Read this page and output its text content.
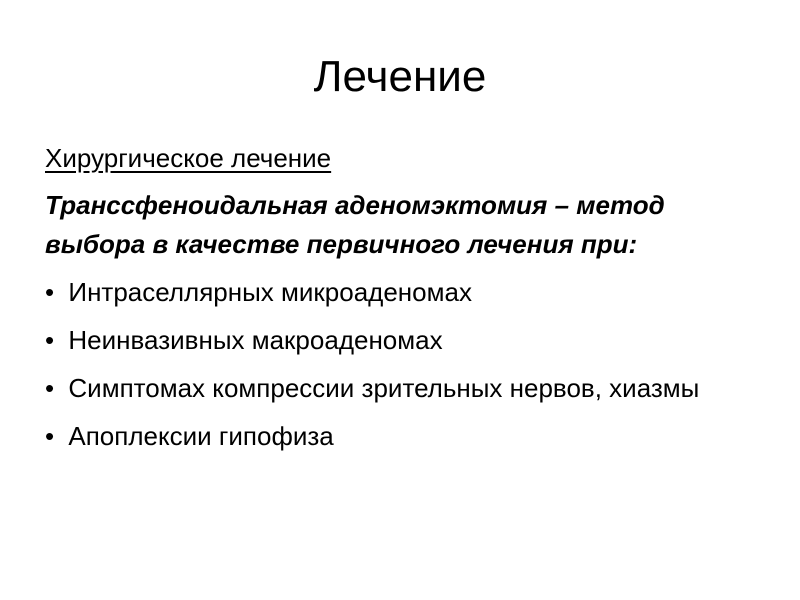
Лечение

Хирургическое лечение

Транссфеноидальная аденомэктомия – метод выбора в качестве первичного лечения при:

• Интраселлярных микроаденомах
• Неинвазивных макроаденомах
• Симптомах компрессии зрительных нервов, хиазмы
• Апоплексии гипофиза
